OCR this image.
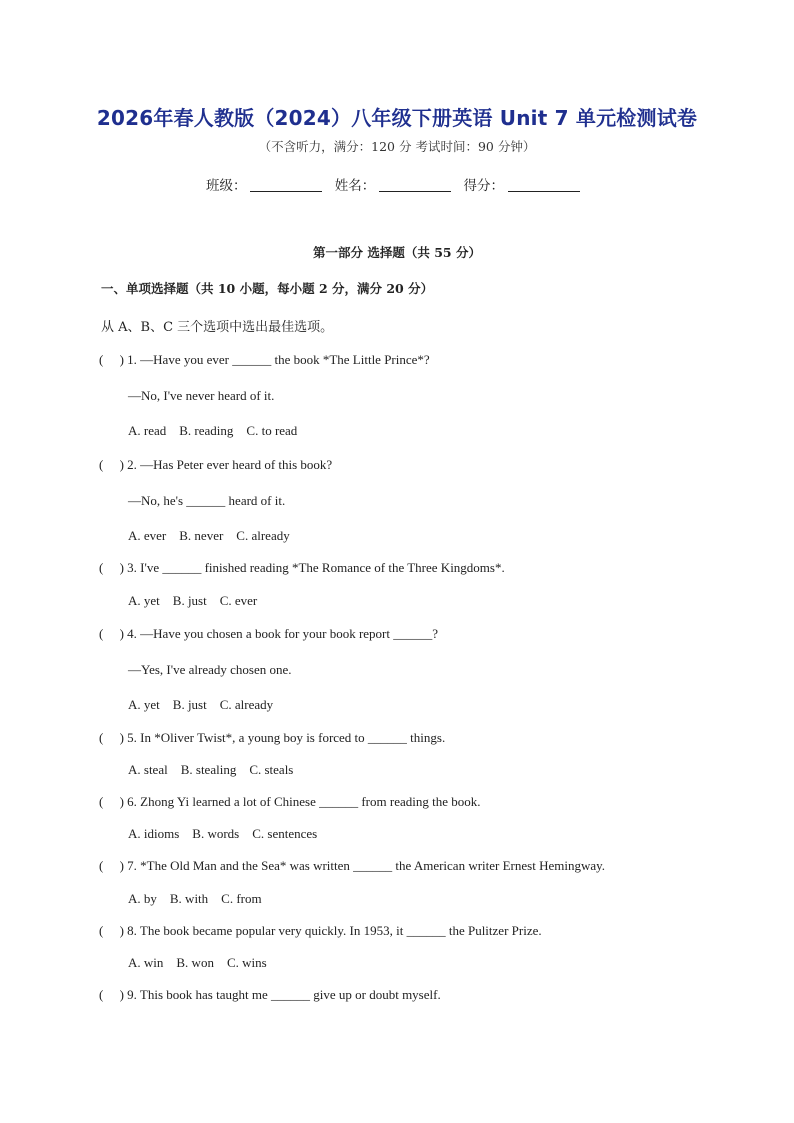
2026年春人教版（2024）八年级下册英语 Unit 7 单元检测试卷
（不含听力，满分：120 分 考试时间：90 分钟）
班级：	姓名：	得分：
第一部分 选择题（共 55 分）
一、单项选择题（共 10 小题，每小题 2 分，满分 20 分）
从 A、B、C 三个选项中选出最佳选项。
(     ) 1. —Have you ever ______ the book *The Little Prince*?
—No, I've never heard of it.
A. read    B. reading    C. to read
(     ) 2. —Has Peter ever heard of this book?
—No, he's ______ heard of it.
A. ever    B. never    C. already
(     ) 3. I've ______ finished reading *The Romance of the Three Kingdoms*.
A. yet    B. just    C. ever
(     ) 4. —Have you chosen a book for your book report ______?
—Yes, I've already chosen one.
A. yet    B. just    C. already
(     ) 5. In *Oliver Twist*, a young boy is forced to ______ things.
A. steal    B. stealing    C. steals
(     ) 6. Zhong Yi learned a lot of Chinese ______ from reading the book.
A. idioms    B. words    C. sentences
(     ) 7. *The Old Man and the Sea* was written ______ the American writer Ernest Hemingway.
A. by    B. with    C. from
(     ) 8. The book became popular very quickly. In 1953, it ______ the Pulitzer Prize.
A. win    B. won    C. wins
(     ) 9. This book has taught me ______ give up or doubt myself.
